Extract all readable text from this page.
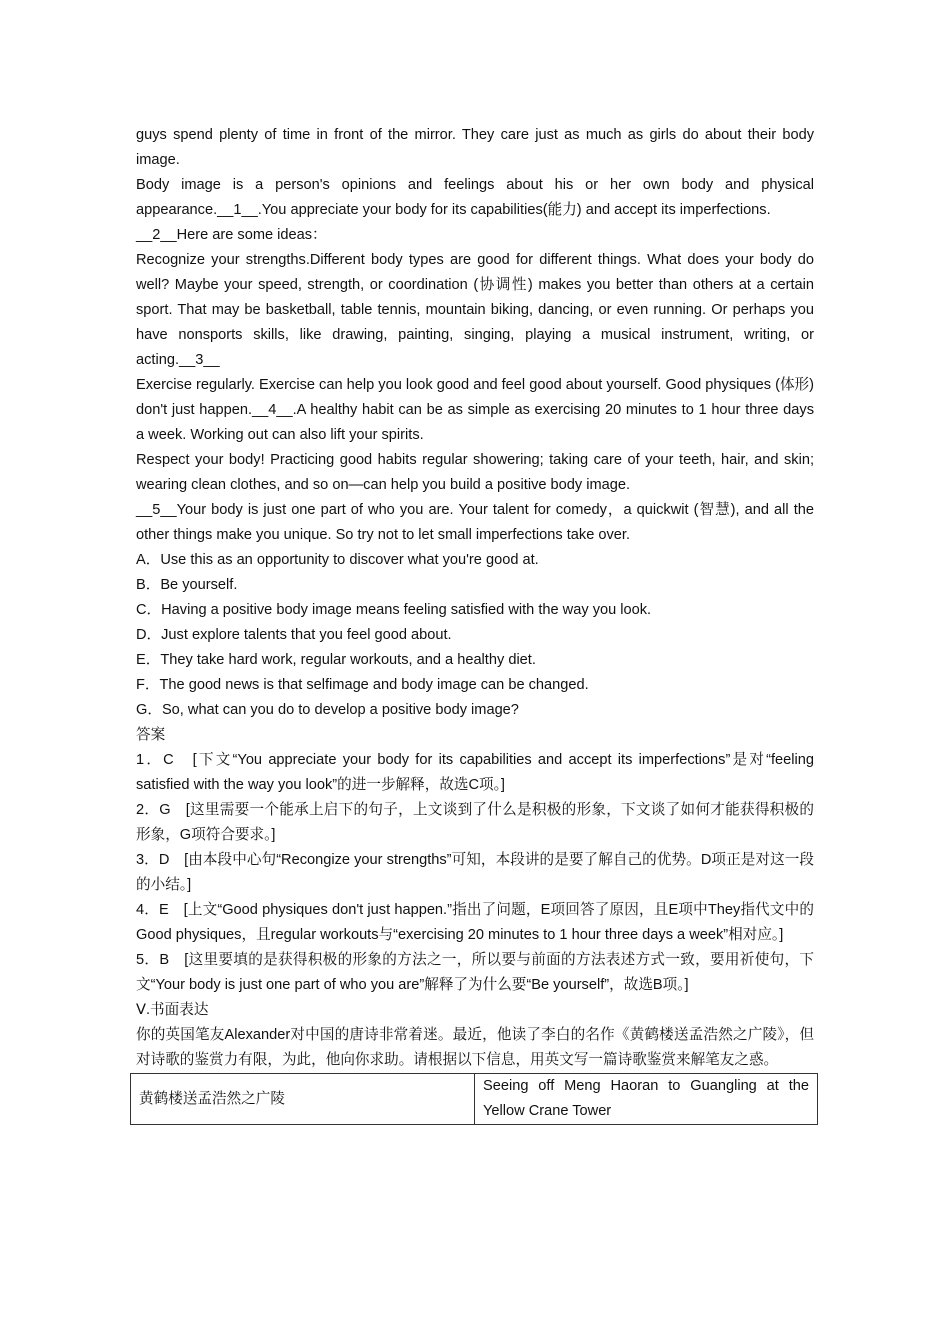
guys spend plenty of time in front of the mirror. They care just as much as girls do about their body image.

Body image is a person's opinions and feelings about his or her own body and physical appearance.__1__.You appreciate your body for its capabilities(能力) and accept its imperfections.

__2__Here are some ideas：

Recognize your strengths.Different body types are good for different things. What does your body do well? Maybe your speed, strength, or coordination (协调性) makes you better than others at a certain sport. That may be basketball, table tennis, mountain biking, dancing, or even running. Or perhaps you have nonsports skills, like drawing, painting, singing, playing a musical instrument, writing, or acting.__3__

Exercise regularly. Exercise can help you look good and feel good about yourself. Good physiques (体形) don't just happen.__4__.A healthy habit can be as simple as exercising 20 minutes to 1 hour three days a week. Working out can also lift your spirits.

Respect your body! Practicing good habits regular showering; taking care of your teeth, hair, and skin; wearing clean clothes, and so on—can help you build a positive body image.

__5__Your body is just one part of who you are. Your talent for comedy，a quickwit (智慧), and all the other things make you unique. So try not to let small imperfections take over.

A．Use this as an opportunity to discover what you're good at.

B．Be yourself.

C．Having a positive body image means feeling satisfied with the way you look.

D．Just explore talents that you feel good about.

E．They take hard work, regular workouts, and a healthy diet.

F．The good news is that selfimage and body image can be changed.

G．So, what can you do to develop a positive body image?

答案

1．C　[下文“You appreciate your body for its capabilities and accept its imperfections”是对“feeling satisfied with the way you look”的进一步解释，故选C项。]

2．G　[这里需要一个能承上启下的句子，上文谈到了什么是积极的形象，下文谈了如何才能获得积极的形象，G项符合要求。]

3．D　[由本段中心句“Recongize your strengths”可知，本段讲的是要了解自己的优势。D项正是对这一段的小结。]

4．E　[上文“Good physiques don't just happen.”指出了问题，E项回答了原因，且E项中They指代文中的Good physiques，且regular workouts与“exercising 20 minutes to 1 hour three days a week”相对应。]

5．B　[这里要填的是获得积极的形象的方法之一，所以要与前面的方法表述方式一致，要用祈使句，下文“Your body is just one part of who you are”解释了为什么要“Be yourself”，故选B项。]

Ⅴ.书面表达

你的英国笔友Alexander对中国的唐诗非常着迷。最近，他读了李白的名作《黄鹤楼送孟浩然之广陵》，但对诗歌的鉴赏力有限，为此，他向你求助。请根据以下信息，用英文写一篇诗歌鉴赏来解笔友之惑。

黄鹤楼送孟浩然之广陵	Seeing off Meng Haoran to Guangling at the Yellow Crane Tower
